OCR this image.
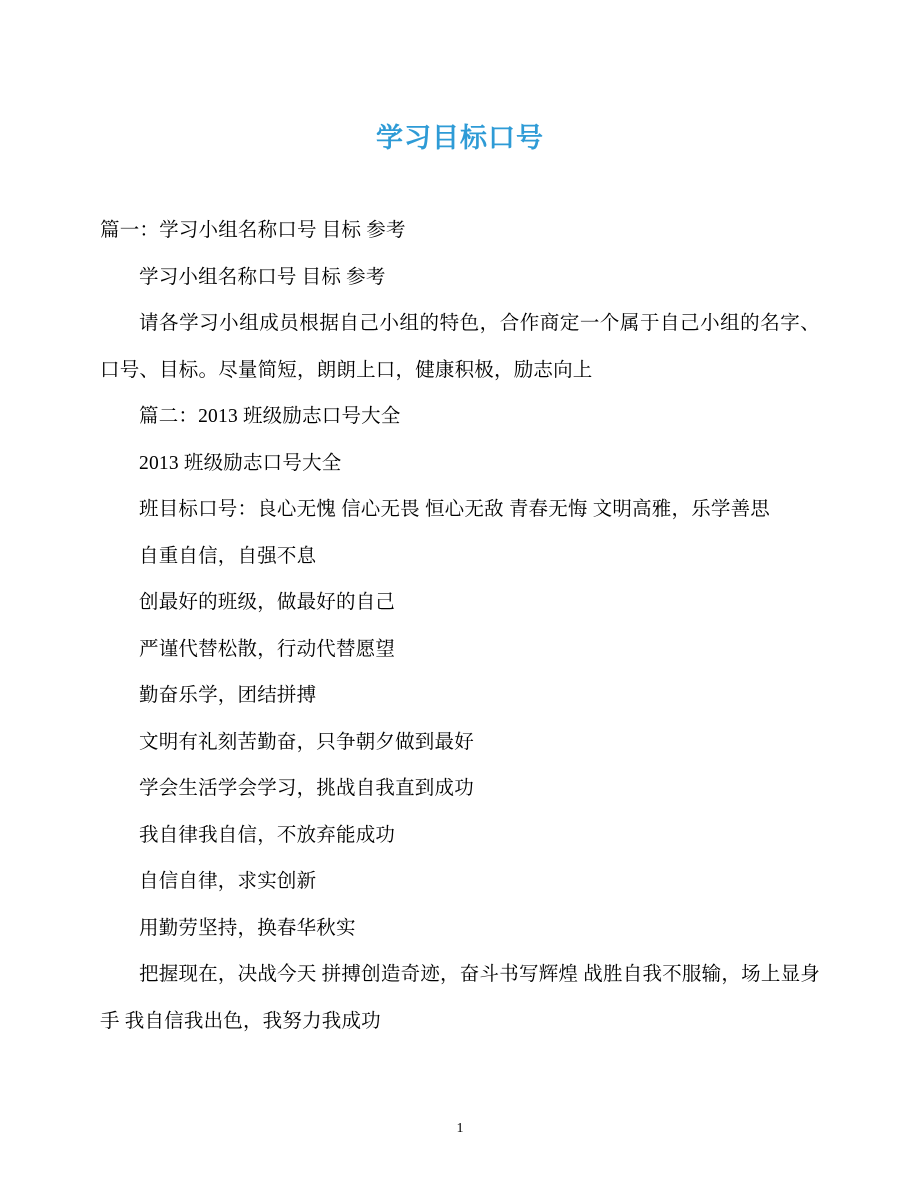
学习目标口号

篇一：学习小组名称口号 目标 参考

学习小组名称口号 目标 参考

请各学习小组成员根据自己小组的特色，合作商定一个属于自己小组的名字、口号、目标。尽量简短，朗朗上口，健康积极，励志向上

篇二：2013 班级励志口号大全

2013 班级励志口号大全

班目标口号：良心无愧 信心无畏 恒心无敌 青春无悔 文明高雅，乐学善思

自重自信，自强不息

创最好的班级，做最好的自己

严谨代替松散，行动代替愿望

勤奋乐学，团结拼搏

文明有礼刻苦勤奋，只争朝夕做到最好

学会生活学会学习，挑战自我直到成功

我自律我自信，不放弃能成功

自信自律，求实创新

用勤劳坚持，换春华秋实

把握现在，决战今天 拼搏创造奇迹，奋斗书写辉煌 战胜自我不服输，场上显身手 我自信我出色，我努力我成功

1
